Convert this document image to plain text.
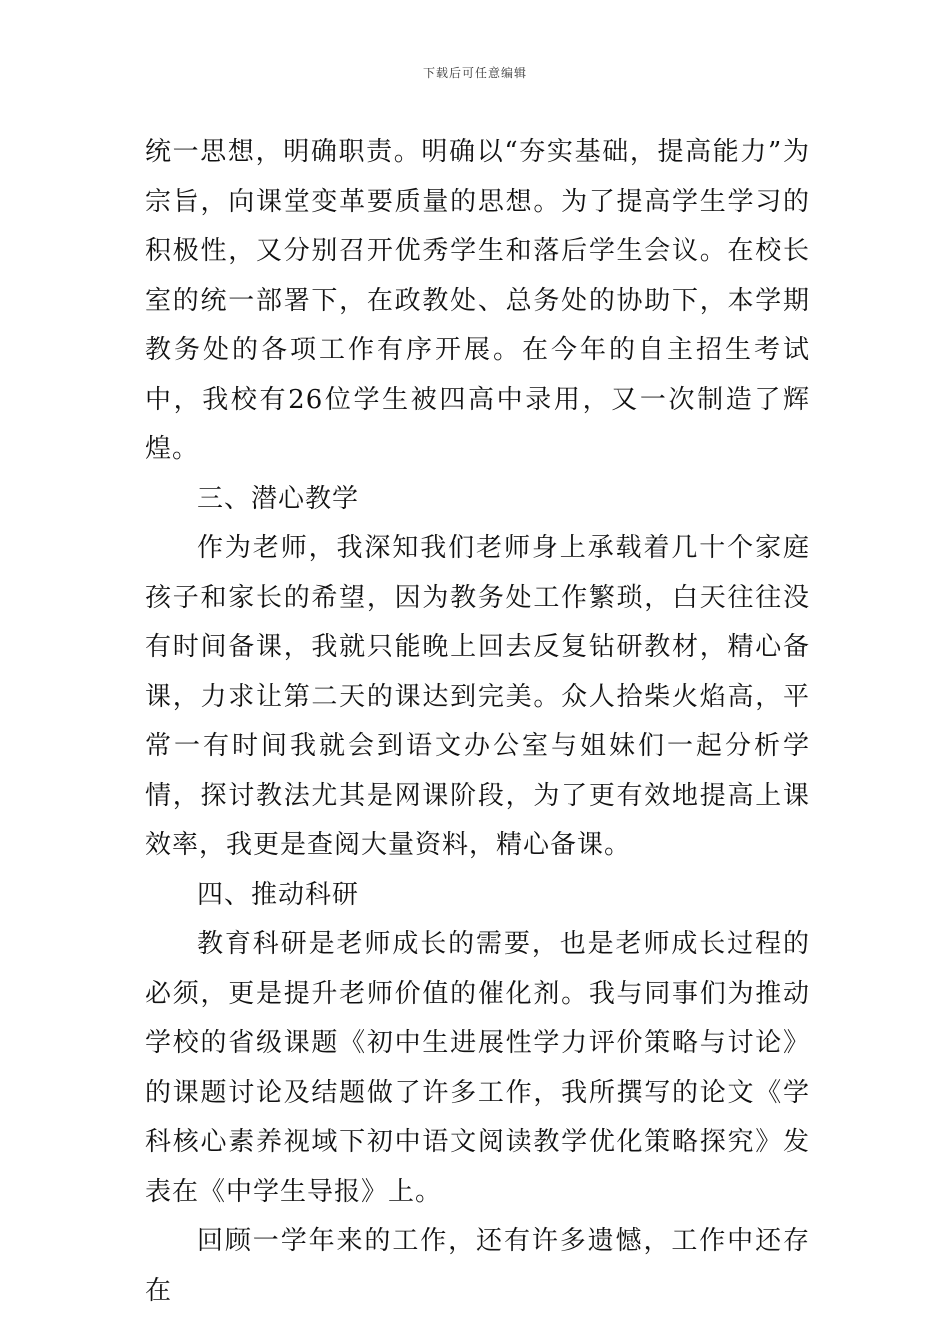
下载后可任意编辑

统一思想，明确职责。明确以“夯实基础，提高能力”为宗旨，向课堂变革要质量的思想。为了提高学生学习的积极性，又分别召开优秀学生和落后学生会议。在校长室的统一部署下，在政教处、总务处的协助下，本学期教务处的各项工作有序开展。在今年的自主招生考试中，我校有26位学生被四高中录用，又一次制造了辉煌。

三、潜心教学

作为老师，我深知我们老师身上承载着几十个家庭孩子和家长的希望，因为教务处工作繁琐，白天往往没有时间备课，我就只能晚上回去反复钻研教材，精心备课，力求让第二天的课达到完美。众人拾柴火焰高，平常一有时间我就会到语文办公室与姐妹们一起分析学情，探讨教法尤其是网课阶段，为了更有效地提高上课效率，我更是查阅大量资料，精心备课。

四、推动科研

教育科研是老师成长的需要，也是老师成长过程的必须，更是提升老师价值的催化剂。我与同事们为推动学校的省级课题《初中生进展性学力评价策略与讨论》的课题讨论及结题做了许多工作，我所撰写的论文《学科核心素养视域下初中语文阅读教学优化策略探究》发表在《中学生导报》上。

回顾一学年来的工作，还有许多遗憾，工作中还存在
